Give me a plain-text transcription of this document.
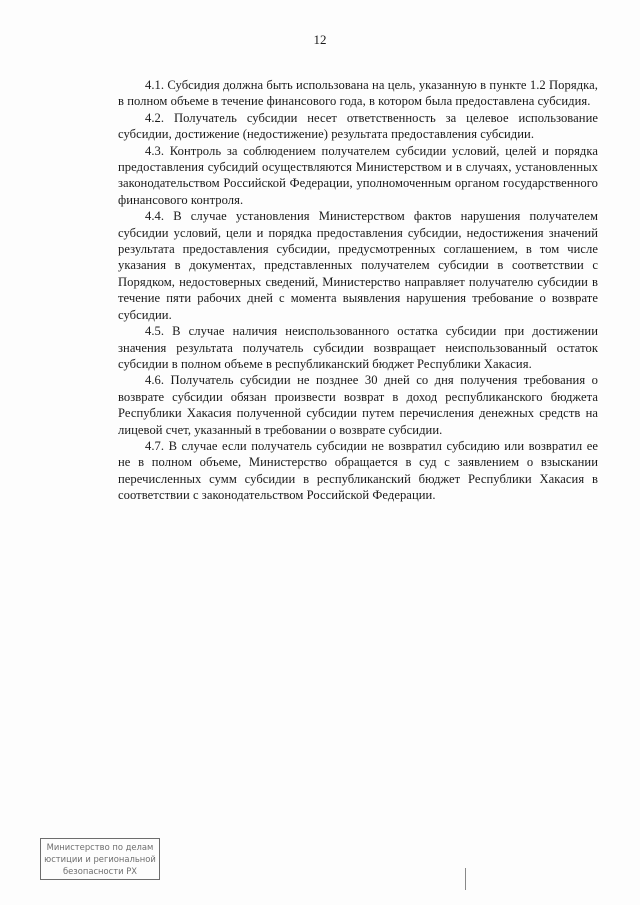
12

4.1. Субсидия должна быть использована на цель, указанную в пункте 1.2 Порядка, в полном объеме в течение финансового года, в котором была предоставлена субсидия.

4.2. Получатель субсидии несет ответственность за целевое использование субсидии, достижение (недостижение) результата предоставления субсидии.

4.3. Контроль за соблюдением получателем субсидии условий, целей и порядка предоставления субсидий осуществляются Министерством и в случаях, установленных законодательством Российской Федерации, уполномоченным органом государственного финансового контроля.

4.4. В случае установления Министерством фактов нарушения получателем субсидии условий, цели и порядка предоставления субсидии, недостижения значений результата предоставления субсидии, предусмотренных соглашением, в том числе указания в документах, представленных получателем субсидии в соответствии с Порядком, недостоверных сведений, Министерство направляет получателю субсидии в течение пяти рабочих дней с момента выявления нарушения требование о возврате субсидии.

4.5. В случае наличия неиспользованного остатка субсидии при достижении значения результата получатель субсидии возвращает неиспользованный остаток субсидии в полном объеме в республиканский бюджет Республики Хакасия.

4.6. Получатель субсидии не позднее 30 дней со дня получения требования о возврате субсидии обязан произвести возврат в доход республиканского бюджета Республики Хакасия полученной субсидии путем перечисления денежных средств на лицевой счет, указанный в требовании о возврате субсидии.

4.7. В случае если получатель субсидии не возвратил субсидию или возвратил ее не в полном объеме, Министерство обращается в суд с заявлением о взыскании перечисленных сумм субсидии в республиканский бюджет Республики Хакасия в соответствии с законодательством Российской Федерации.

Министерство по делам
юстиции и региональной
безопасности РХ
